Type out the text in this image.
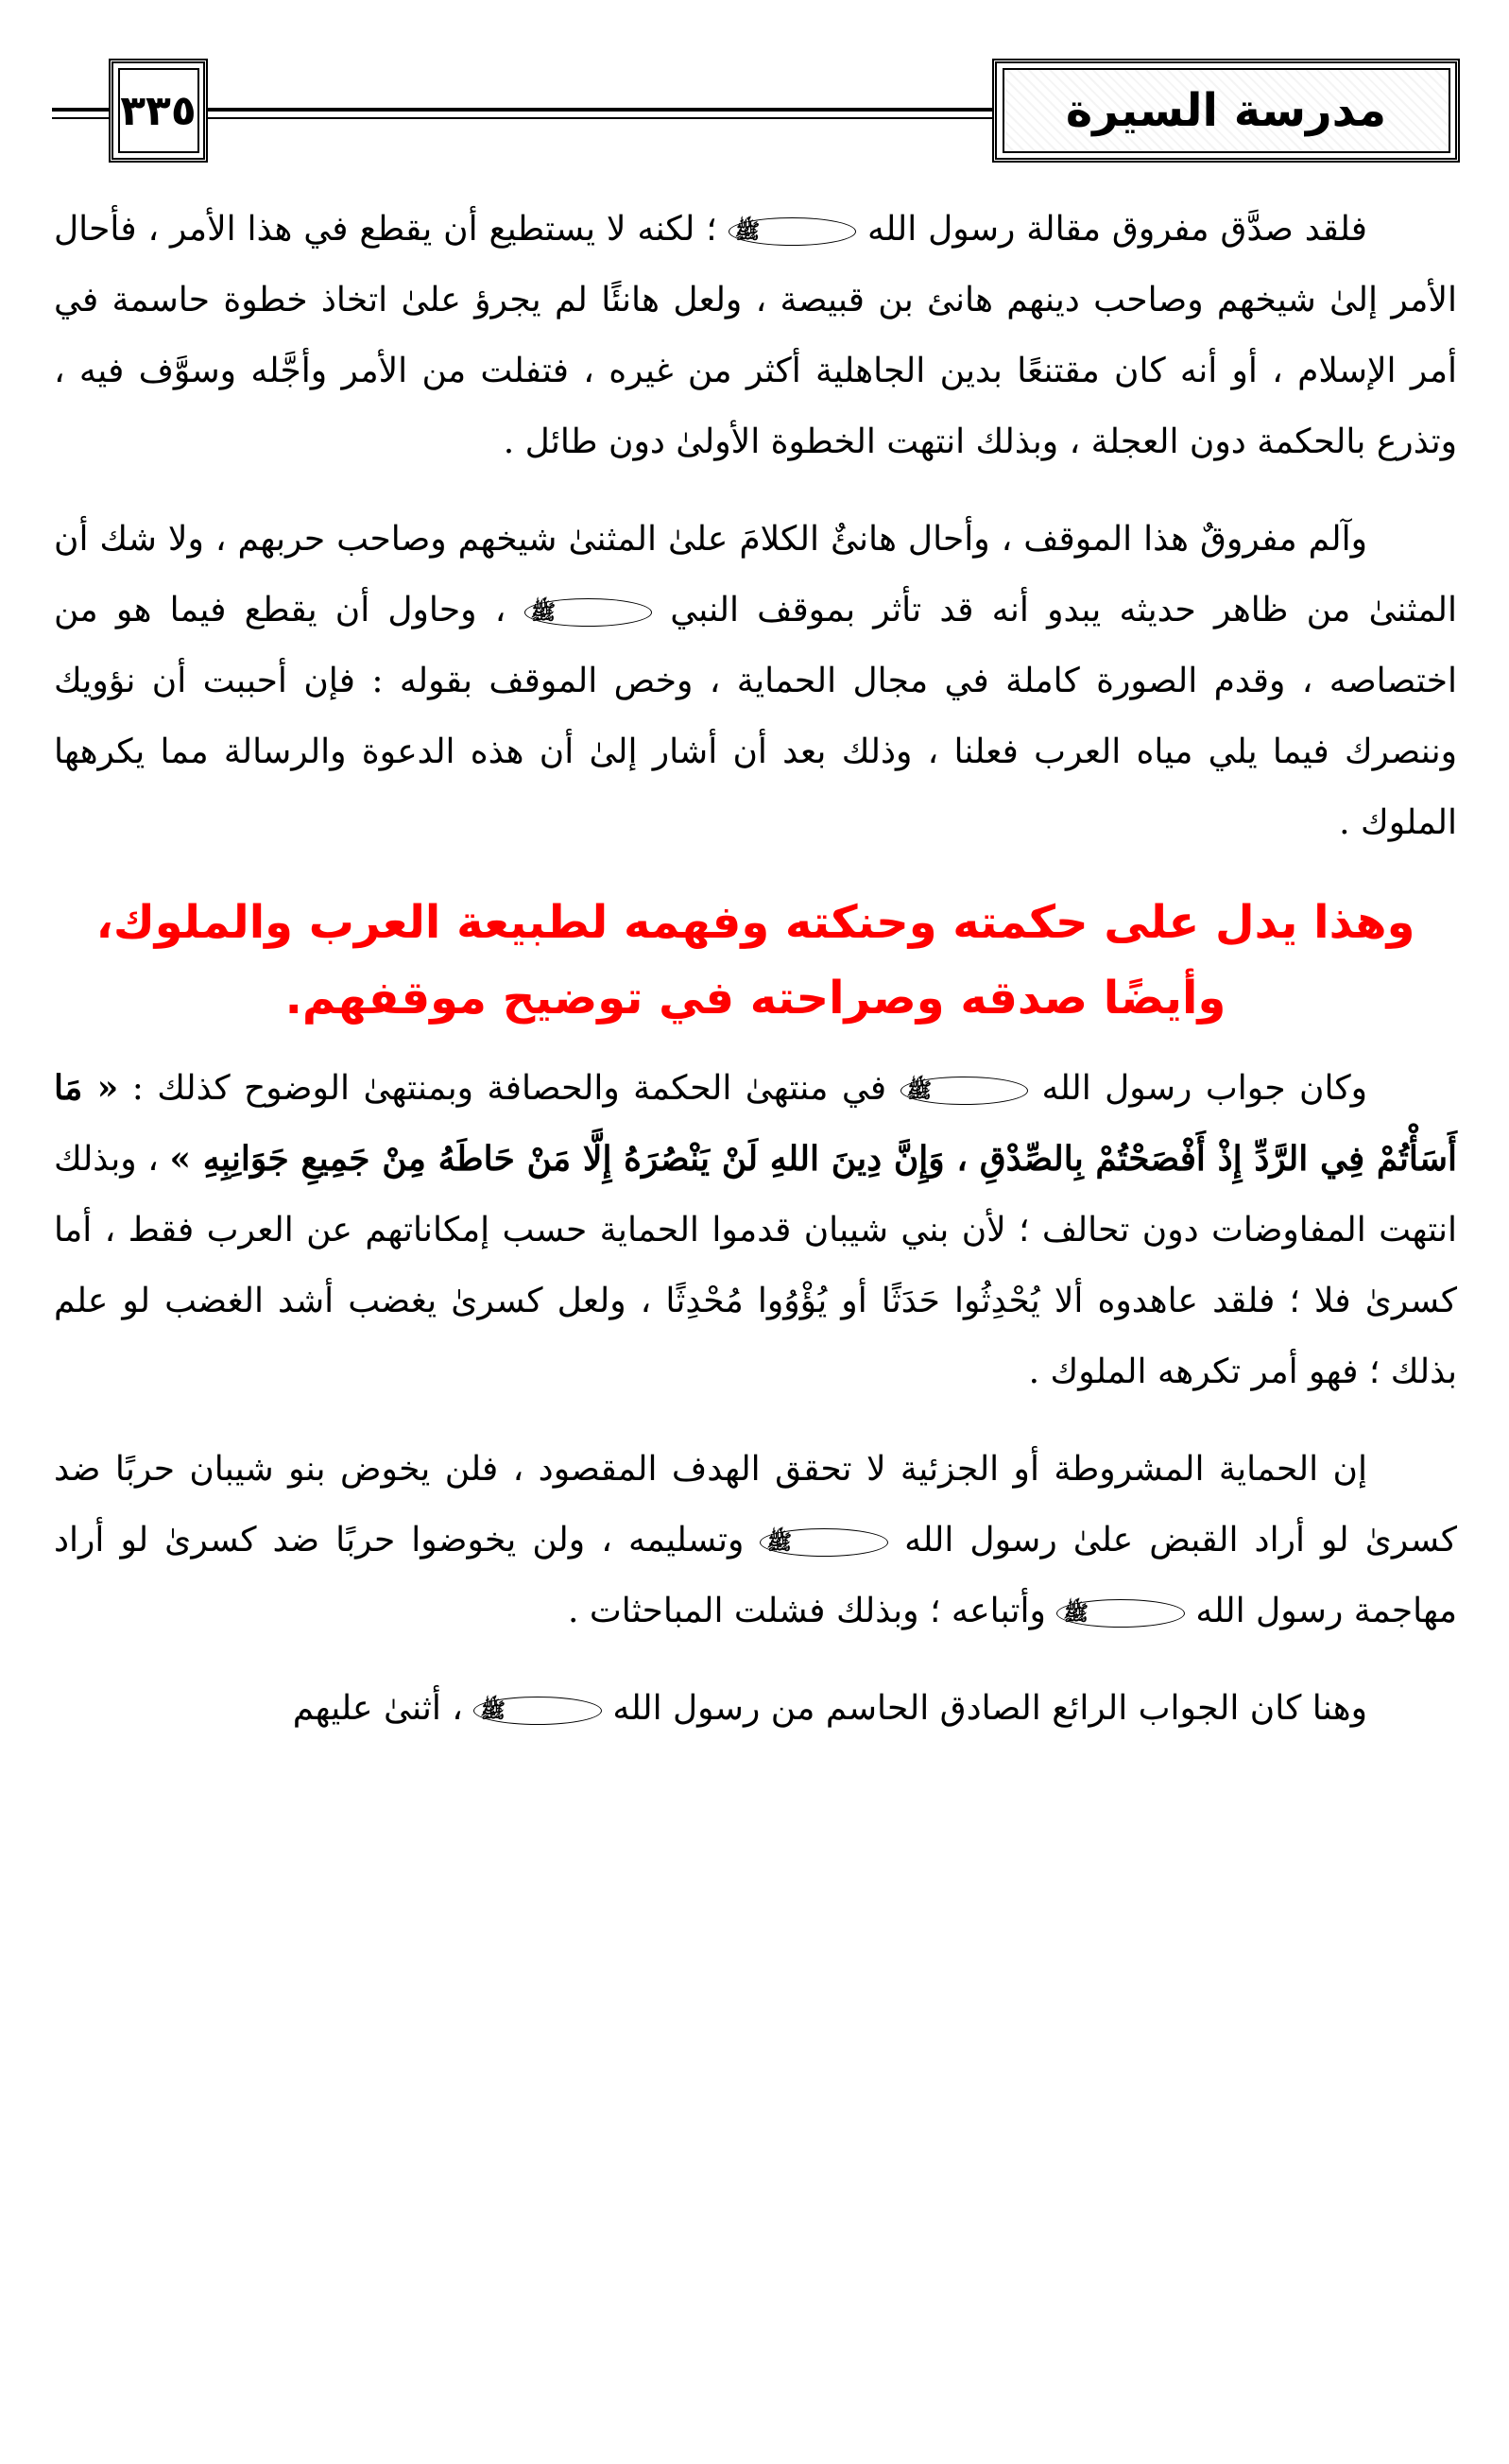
٣٣٥	مدرسة السيرة

فلقد صدَّق مفروق مقالة رسول الله ﷺ ؛ لكنه لا يستطيع أن يقطع في هذا الأمر ، فأحال الأمر إلىٰ شيخهم وصاحب دينهم هانئ بن قبيصة ، ولعل هانئًا لم يجرؤ علىٰ اتخاذ خطوة حاسمة في أمر الإسلام ، أو أنه كان مقتنعًا بدين الجاهلية أكثر من غيره ، فتفلت من الأمر وأجَّله وسوَّف فيه ، وتذرع بالحكمة دون العجلة ، وبذلك انتهت الخطوة الأولىٰ دون طائل .

وآلم مفروقٌ هذا الموقف ، وأحال هانئٌ الكلامَ علىٰ المثنىٰ شيخهم وصاحب حربهم ، ولا شك أن المثنىٰ من ظاهر حديثه يبدو أنه قد تأثر بموقف النبي ﷺ ، وحاول أن يقطع فيما هو من اختصاصه ، وقدم الصورة كاملة في مجال الحماية ، وخص الموقف بقوله : فإن أحببت أن نؤويك وننصرك فيما يلي مياه العرب فعلنا ، وذلك بعد أن أشار إلىٰ أن هذه الدعوة والرسالة مما يكرهها الملوك .

وهذا يدل على حكمته وحنكته وفهمه لطبيعة العرب والملوك،

وأيضًا صدقه وصراحته في توضيح موقفهم.

وكان جواب رسول الله ﷺ في منتهىٰ الحكمة والحصافة وبمنتهىٰ الوضوح كذلك : « مَا أَسَأْتُمْ فِي الرَّدِّ إِذْ أَفْصَحْتُمْ بِالصِّدْقِ ، وَإِنَّ دِينَ اللهِ لَنْ يَنْصُرَهُ إِلَّا مَنْ حَاطَهُ مِنْ جَمِيعِ جَوَانِبِهِ » ، وبذلك انتهت المفاوضات دون تحالف ؛ لأن بني شيبان قدموا الحماية حسب إمكاناتهم عن العرب فقط ، أما كسرىٰ فلا ؛ فلقد عاهدوه ألا يُحْدِثُوا حَدَثًا أو يُؤْوُوا مُحْدِثًا ، ولعل كسرىٰ يغضب أشد الغضب لو علم بذلك ؛ فهو أمر تكرهه الملوك .

إن الحماية المشروطة أو الجزئية لا تحقق الهدف المقصود ، فلن يخوض بنو شيبان حربًا ضد كسرىٰ لو أراد القبض علىٰ رسول الله ﷺ وتسليمه ، ولن يخوضوا حربًا ضد كسرىٰ لو أراد مهاجمة رسول الله ﷺ وأتباعه ؛ وبذلك فشلت المباحثات .

وهنا كان الجواب الرائع الصادق الحاسم من رسول الله ﷺ ، أثنىٰ عليهم
